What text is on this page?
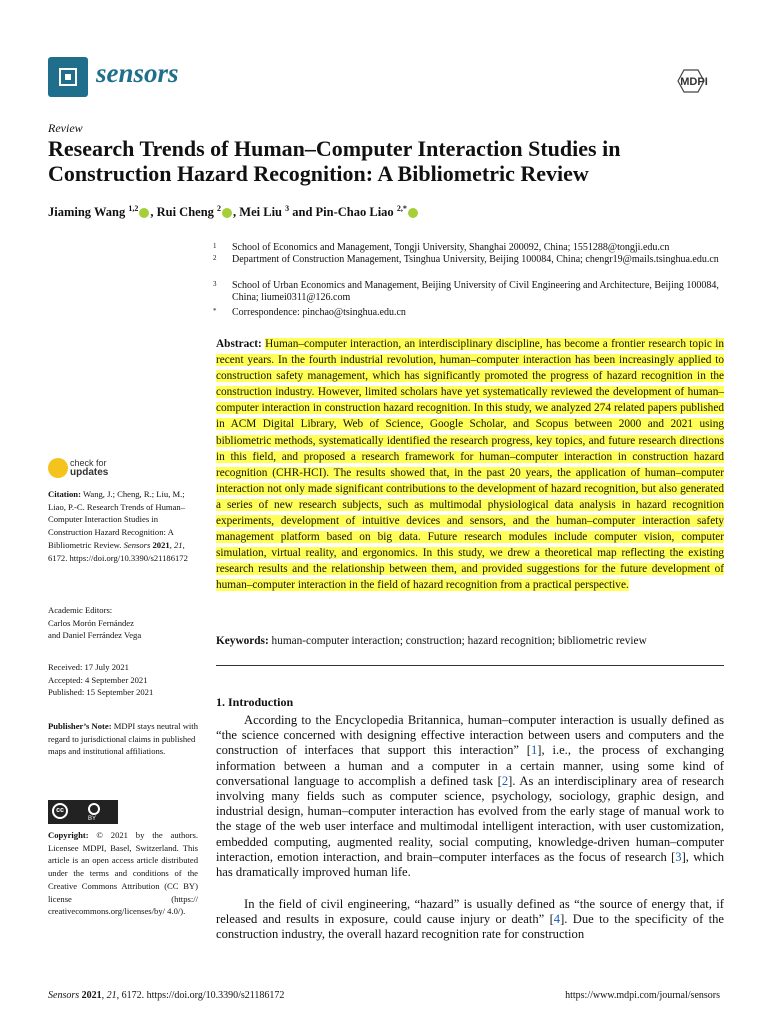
sensors	MDPI
Review
Research Trends of Human–Computer Interaction Studies in Construction Hazard Recognition: A Bibliometric Review
Jiaming Wang $^{1,2}$ , Rui Cheng $^2$ , Mei Liu $^3$ and Pin-Chao Liao $^{2,*}$
1	School of Economics and Management, Tongji University, Shanghai 200092, China; 1551288@tongji.edu.cn
2	Department of Construction Management, Tsinghua University, Beijing 100084, China; chengr19@mails.tsinghua.edu.cn
3	School of Urban Economics and Management, Beijing University of Civil Engineering and Architecture, Beijing 100084, China; liumei0311@126.com
*	Correspondence: pinchao@tsinghua.edu.cn
Abstract: Human–computer interaction, an interdisciplinary discipline, has become a frontier research topic in recent years. In the fourth industrial revolution, human–computer interaction has been increasingly applied to construction safety management, which has significantly promoted the progress of hazard recognition in the construction industry. However, limited scholars have yet systematically reviewed the development of human–computer interaction in construction hazard recognition. In this study, we analyzed 274 related papers published in ACM Digital Library, Web of Science, Google Scholar, and Scopus between 2000 and 2021 using bibliometric methods, systematically identified the research progress, key topics, and future research directions in this field, and proposed a research framework for human–computer interaction in construction hazard recognition (CHR-HCI). The results showed that, in the past 20 years, the application of human–computer interaction not only made significant contributions to the development of hazard recognition, but also generated a series of new research subjects, such as multimodal physiological data analysis in hazard recognition experiments, development of intuitive devices and sensors, and the human–computer interaction safety management platform based on big data. Future research modules include computer vision, computer simulation, virtual reality, and ergonomics. In this study, we drew a theoretical map reflecting the existing research results and the relationship between them, and provided suggestions for the future development of human–computer interaction in the field of hazard recognition from a practical perspective.
Keywords: human-computer interaction; construction; hazard recognition; bibliometric review
check for
updates
Citation: Wang, J.; Cheng, R.; Liu, M.; Liao, P.-C. Research Trends of Human–Computer Interaction Studies in Construction Hazard Recognition: A Bibliometric Review. Sensors 2021, 21, 6172. https://doi.org/10.3390/s21186172
Academic Editors:
Carlos Morón Fernández
and Daniel Ferrández Vega
Received: 17 July 2021
Accepted: 4 September 2021
Published: 15 September 2021
Publisher’s Note: MDPI stays neutral with regard to jurisdictional claims in published maps and institutional affiliations.
cc
BY
Copyright: © 2021 by the authors. Licensee MDPI, Basel, Switzerland. This article is an open access article distributed under the terms and conditions of the Creative Commons Attribution (CC BY) license (https:// creativecommons.org/licenses/by/ 4.0/).
1. Introduction
According to the Encyclopedia Britannica, human–computer interaction is usually defined as “the science concerned with designing effective interaction between users and computers and the construction of interfaces that support this interaction” [1], i.e., the process of exchanging information between a human and a computer in a certain manner, using some kind of conversational language to accomplish a defined task [2]. As an interdisciplinary area of research involving many fields such as computer science, psychology, sociology, graphic design, and industrial design, human–computer interaction has evolved from the early stage of manual work to the stage of the web user interface and multimodal intelligent interaction, with user customization, embedded computing, augmented reality, social computing, knowledge-driven human–computer interaction, emotion interaction, and brain–computer interfaces as the focus of research [3], which has dramatically improved human life.
In the field of civil engineering, “hazard” is usually defined as “the source of energy that, if released and results in exposure, could cause injury or death” [4]. Due to the specificity of the construction industry, the overall hazard recognition rate for construction
Sensors 2021, 21, 6172. https://doi.org/10.3390/s21186172	https://www.mdpi.com/journal/sensors
